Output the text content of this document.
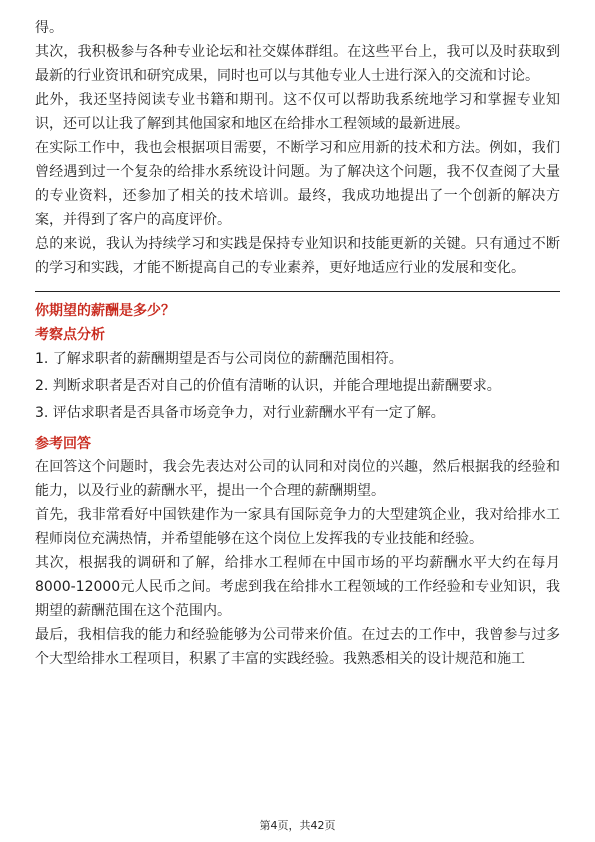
得。

其次，我积极参与各种专业论坛和社交媒体群组。在这些平台上，我可以及时获取到最新的行业资讯和研究成果，同时也可以与其他专业人士进行深入的交流和讨论。

此外，我还坚持阅读专业书籍和期刊。这不仅可以帮助我系统地学习和掌握专业知识，还可以让我了解到其他国家和地区在给排水工程领域的最新进展。

在实际工作中，我也会根据项目需要，不断学习和应用新的技术和方法。例如，我们曾经遇到过一个复杂的给排水系统设计问题。为了解决这个问题，我不仅查阅了大量的专业资料，还参加了相关的技术培训。最终，我成功地提出了一个创新的解决方案，并得到了客户的高度评价。

总的来说，我认为持续学习和实践是保持专业知识和技能更新的关键。只有通过不断的学习和实践，才能不断提高自己的专业素养，更好地适应行业的发展和变化。

你期望的薪酬是多少？

考察点分析

1. 了解求职者的薪酬期望是否与公司岗位的薪酬范围相符。

2. 判断求职者是否对自己的价值有清晰的认识，并能合理地提出薪酬要求。

3. 评估求职者是否具备市场竞争力，对行业薪酬水平有一定了解。

参考回答

在回答这个问题时，我会先表达对公司的认同和对岗位的兴趣，然后根据我的经验和能力，以及行业的薪酬水平，提出一个合理的薪酬期望。

首先，我非常看好中国铁建作为一家具有国际竞争力的大型建筑企业，我对给排水工程师岗位充满热情，并希望能够在这个岗位上发挥我的专业技能和经验。

其次，根据我的调研和了解，给排水工程师在中国市场的平均薪酬水平大约在每月8000-12000元人民币之间。考虑到我在给排水工程领域的工作经验和专业知识，我期望的薪酬范围在这个范围内。

最后，我相信我的能力和经验能够为公司带来价值。在过去的工作中，我曾参与过多个大型给排水工程项目，积累了丰富的实践经验。我熟悉相关的设计规范和施工

第4页，共42页
